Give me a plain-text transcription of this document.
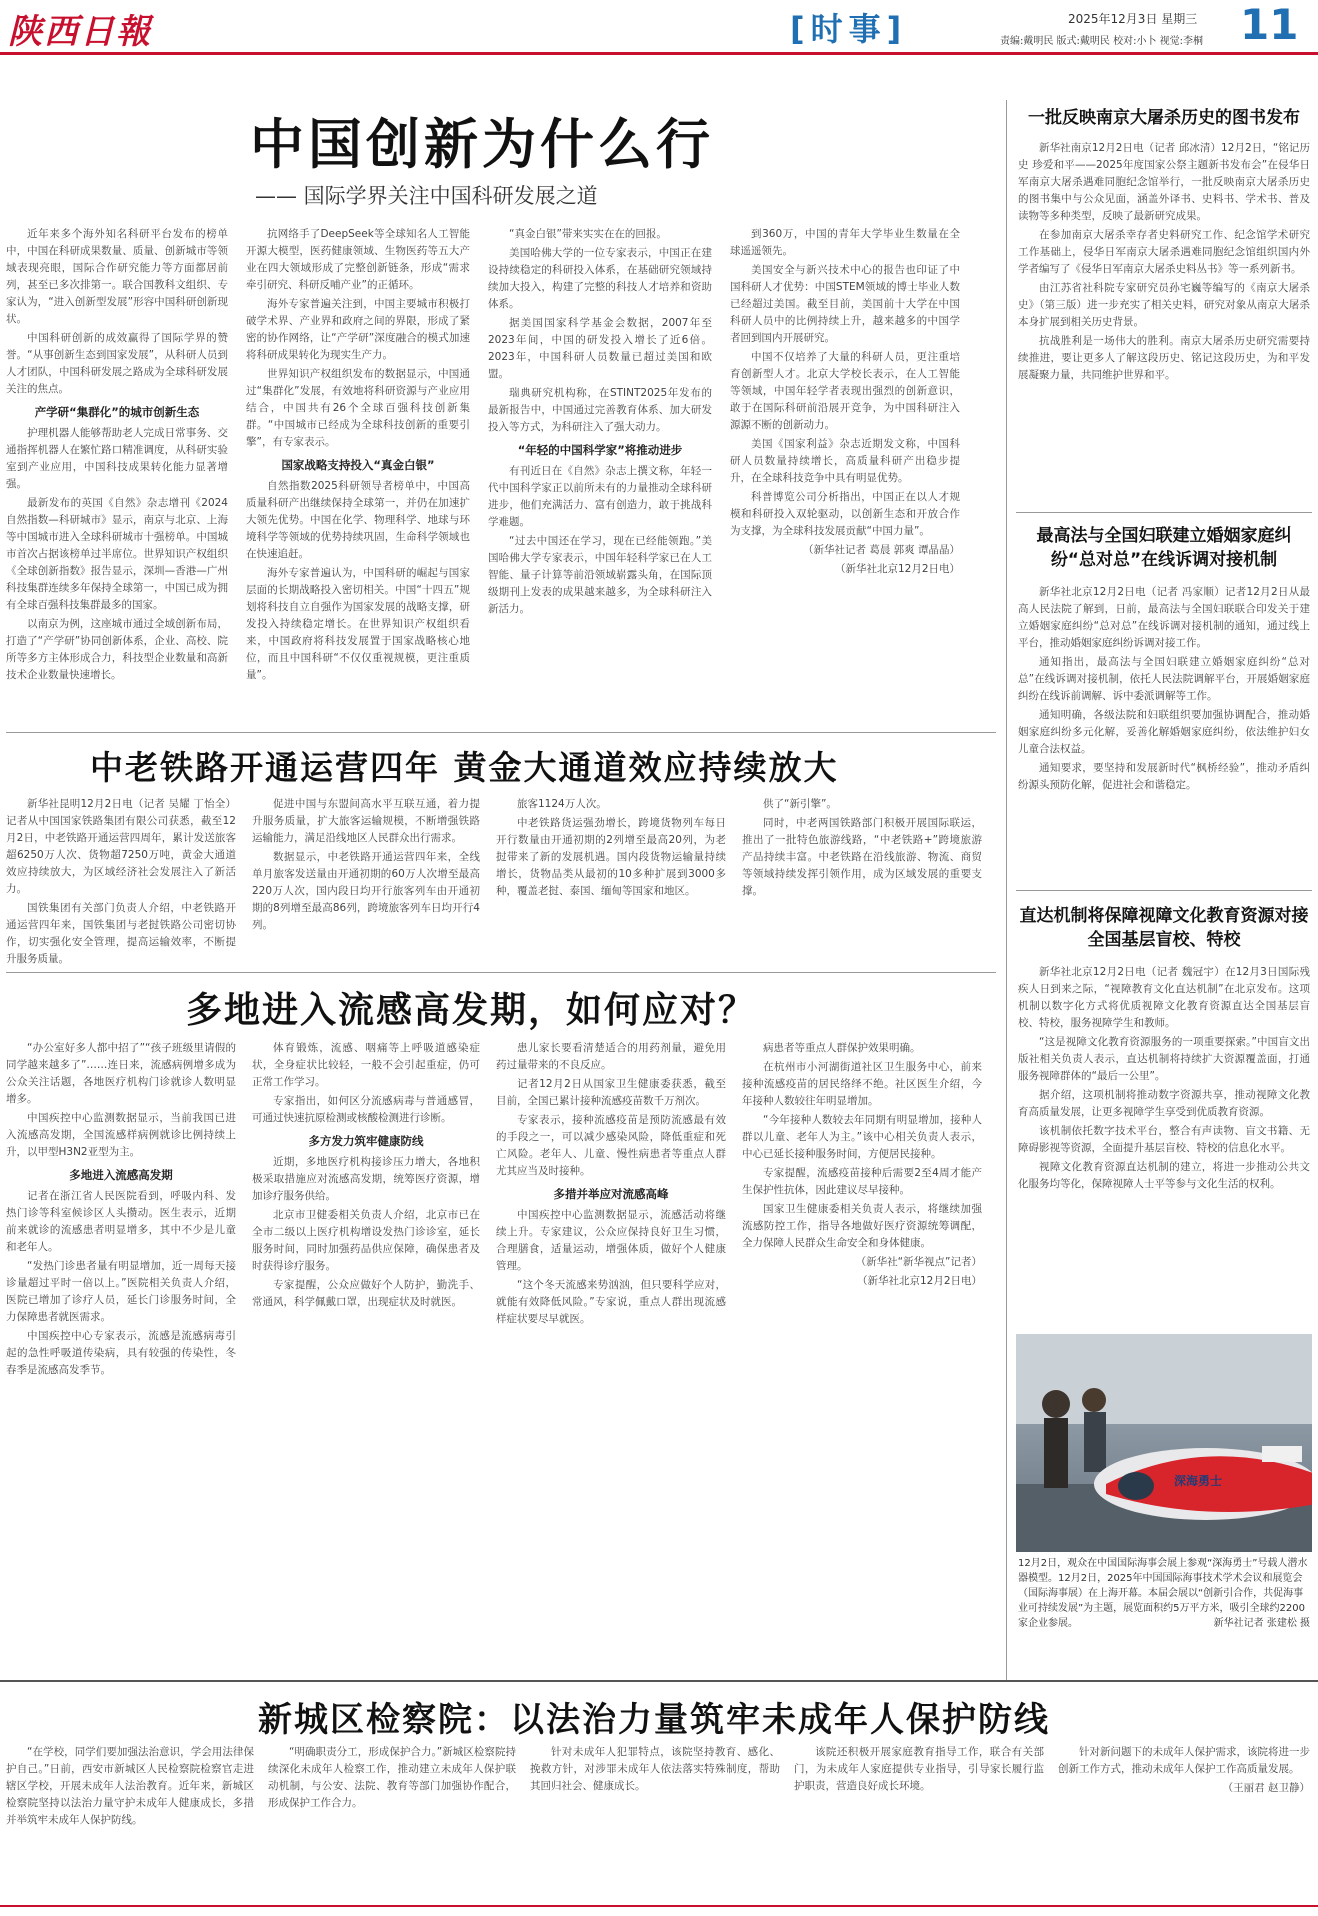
陕西日報	[时事]	2025年12月3日 星期三
责编:戴明民 版式:戴明民 校对:小卜 视觉:李桐 11
中国创新为什么行
—— 国际学界关注中国科研发展之道

近年来多个海外知名科研平台发布的榜单中，中国在科研成果数量、质量、创新城市等领域表现亮眼，国际合作研究能力等方面都居前列，甚至已多次排第一。联合国教科文组织、专家认为，“进入创新型发展”形容中国科研创新现状。

中国科研创新的成效赢得了国际学界的赞誉。“从事创新生态到国家发展”，从科研人员到人才团队，中国科研发展之路成为全球科研发展关注的焦点。

产学研“集群化”的城市创新生态

护理机器人能够帮助老人完成日常事务、交通指挥机器人在繁忙路口精准调度，从科研实验室到产业应用，中国科技成果转化能力显著增强。

最新发布的英国《自然》杂志增刊《2024自然指数—科研城市》显示，南京与北京、上海等中国城市进入全球科研城市十强榜单。中国城市首次占据该榜单过半席位。世界知识产权组织《全球创新指数》报告显示，深圳—香港—广州科技集群连续多年保持全球第一，中国已成为拥有全球百强科技集群最多的国家。

以南京为例，这座城市通过全域创新布局，打造了“产学研”协同创新体系，企业、高校、院所等多方主体形成合力，科技型企业数量和高新技术企业数量快速增长。

抗网络手了DeepSeek等全球知名人工智能开源大模型，医药健康领域、生物医药等五大产业在四大领域形成了完整创新链条，形成“需求牵引研究、科研反哺产业”的正循环。

海外专家普遍关注到，中国主要城市积极打破学术界、产业界和政府之间的界限，形成了紧密的协作网络，让“产学研”深度融合的模式加速将科研成果转化为现实生产力。

世界知识产权组织发布的数据显示，中国通过“集群化”发展，有效地将科研资源与产业应用结合，中国共有26个全球百强科技创新集群。“中国城市已经成为全球科技创新的重要引擎”，有专家表示。

国家战略支持投入“真金白银”

自然指数2025科研领导者榜单中，中国高质量科研产出继续保持全球第一，并仍在加速扩大领先优势。中国在化学、物理科学、地球与环境科学等领域的优势持续巩固，生命科学领域也在快速追赶。

海外专家普遍认为，中国科研的崛起与国家层面的长期战略投入密切相关。中国“十四五”规划将科技自立自强作为国家发展的战略支撑，研发投入持续稳定增长。在世界知识产权组织看来，中国政府将科技发展置于国家战略核心地位，而且中国科研“不仅仅重视规模，更注重质量”。

“真金白银”带来实实在在的回报。

美国哈佛大学的一位专家表示，中国正在建设持续稳定的科研投入体系，在基础研究领域持续加大投入，构建了完整的科技人才培养和资助体系。

据美国国家科学基金会数据，2007年至2023年间，中国的研发投入增长了近6倍。2023年，中国科研人员数量已超过美国和欧盟。

瑞典研究机构称，在STINT2025年发布的最新报告中，中国通过完善教育体系、加大研发投入等方式，为科研注入了强大动力。

“年轻的中国科学家”将推动进步

有刊近日在《自然》杂志上撰文称，年轻一代中国科学家正以前所未有的力量推动全球科研进步，他们充满活力、富有创造力，敢于挑战科学难题。

“过去中国还在学习，现在已经能领跑。”美国哈佛大学专家表示，中国年轻科学家已在人工智能、量子计算等前沿领域崭露头角，在国际顶级期刊上发表的成果越来越多，为全球科研注入新活力。

到360万，中国的青年大学毕业生数量在全球遥遥领先。

美国安全与新兴技术中心的报告也印证了中国科研人才优势：中国STEM领域的博士毕业人数已经超过美国。截至目前，美国前十大学在中国科研人员中的比例持续上升，越来越多的中国学者回到国内开展研究。

中国不仅培养了大量的科研人员，更注重培育创新型人才。北京大学校长表示，在人工智能等领域，中国年轻学者表现出强烈的创新意识，敢于在国际科研前沿展开竞争，为中国科研注入源源不断的创新动力。

美国《国家利益》杂志近期发文称，中国科研人员数量持续增长，高质量科研产出稳步提升，在全球科技竞争中具有明显优势。

科普博览公司分析指出，中国正在以人才规模和科研投入双轮驱动，以创新生态和开放合作为支撑，为全球科技发展贡献“中国力量”。

（新华社记者 葛晨 郭爽 谭晶晶）

（新华社北京12月2日电）

一批反映南京大屠杀历史的图书发布

新华社南京12月2日电（记者 邱冰清）12月2日，“铭记历史 珍爱和平——2025年度国家公祭主题新书发布会”在侵华日军南京大屠杀遇难同胞纪念馆举行，一批反映南京大屠杀历史的图书集中与公众见面，涵盖外译书、史料书、学术书、普及读物等多种类型，反映了最新研究成果。

在参加南京大屠杀幸存者史料研究工作、纪念馆学术研究工作基础上，侵华日军南京大屠杀遇难同胞纪念馆组织国内外学者编写了《侵华日军南京大屠杀史料丛书》等一系列新书。

由江苏省社科院专家研究员孙宅巍等编写的《南京大屠杀史》（第三版）进一步充实了相关史料，研究对象从南京大屠杀本身扩展到相关历史背景。

抗战胜利是一场伟大的胜利。南京大屠杀历史研究需要持续推进，要让更多人了解这段历史、铭记这段历史，为和平发展凝聚力量，共同维护世界和平。

最高法与全国妇联建立婚姻家庭纠纷“总对总”在线诉调对接机制

新华社北京12月2日电（记者 冯家顺）记者12月2日从最高人民法院了解到，日前，最高法与全国妇联联合印发关于建立婚姻家庭纠纷“总对总”在线诉调对接机制的通知，通过线上平台，推动婚姻家庭纠纷诉调对接工作。

通知指出，最高法与全国妇联建立婚姻家庭纠纷“总对总”在线诉调对接机制，依托人民法院调解平台，开展婚姻家庭纠纷在线诉前调解、诉中委派调解等工作。

通知明确，各级法院和妇联组织要加强协调配合，推动婚姻家庭纠纷多元化解，妥善化解婚姻家庭纠纷，依法维护妇女儿童合法权益。

通知要求，要坚持和发展新时代“枫桥经验”，推动矛盾纠纷源头预防化解，促进社会和谐稳定。

直达机制将保障视障文化教育资源对接全国基层盲校、特校

新华社北京12月2日电（记者 魏冠宇）在12月3日国际残疾人日到来之际，“视障教育文化直达机制”在北京发布。这项机制以数字化方式将优质视障文化教育资源直达全国基层盲校、特校，服务视障学生和教师。

“这是视障文化教育资源服务的一项重要探索。”中国盲文出版社相关负责人表示，直达机制将持续扩大资源覆盖面，打通服务视障群体的“最后一公里”。

据介绍，这项机制将推动数字资源共享，推动视障文化教育高质量发展，让更多视障学生享受到优质教育资源。

该机制依托数字技术平台，整合有声读物、盲文书籍、无障碍影视等资源，全面提升基层盲校、特校的信息化水平。

视障文化教育资源直达机制的建立，将进一步推动公共文化服务均等化，保障视障人士平等参与文化生活的权利。

深海勇士
12月2日，观众在中国国际海事会展上参观“深海勇士”号载人潜水器模型。12月2日，2025年中国国际海事技术学术会议和展览会（国际海事展）在上海开幕。本届会展以“创新引合作，共促海事业可持续发展”为主题，展览面积约5万平方米，吸引全球约2200家企业参展。	新华社记者 张建松 摄
中老铁路开通运营四年 黄金大通道效应持续放大

新华社昆明12月2日电（记者 吴耀 丁怡全）记者从中国国家铁路集团有限公司获悉，截至12月2日，中老铁路开通运营四周年，累计发送旅客超6250万人次、货物超7250万吨，黄金大通道效应持续放大，为区域经济社会发展注入了新活力。

国铁集团有关部门负责人介绍，中老铁路开通运营四年来，国铁集团与老挝铁路公司密切协作，切实强化安全管理，提高运输效率，不断提升服务质量。

促进中国与东盟间高水平互联互通，着力提升服务质量，扩大旅客运输规模，不断增强铁路运输能力，满足沿线地区人民群众出行需求。

数据显示，中老铁路开通运营四年来，全线单月旅客发送量由开通初期的60万人次增至最高220万人次，国内段日均开行旅客列车由开通初期的8列增至最高86列，跨境旅客列车日均开行4列。

旅客1124万人次。

中老铁路货运强劲增长，跨境货物列车每日开行数量由开通初期的2列增至最高20列，为老挝带来了新的发展机遇。国内段货物运输量持续增长，货物品类从最初的10多种扩展到3000多种，覆盖老挝、泰国、缅甸等国家和地区。

供了“新引擎”。

同时，中老两国铁路部门积极开展国际联运，推出了一批特色旅游线路，“中老铁路+”跨境旅游产品持续丰富。中老铁路在沿线旅游、物流、商贸等领域持续发挥引领作用，成为区域发展的重要支撑。

多地进入流感高发期，如何应对？

“办公室好多人都中招了”“孩子班级里请假的同学越来越多了”……连日来，流感病例增多成为公众关注话题，各地医疗机构门诊就诊人数明显增多。

中国疾控中心监测数据显示，当前我国已进入流感高发期，全国流感样病例就诊比例持续上升，以甲型H3N2亚型为主。

多地进入流感高发期

记者在浙江省人民医院看到，呼吸内科、发热门诊等科室候诊区人头攒动。医生表示，近期前来就诊的流感患者明显增多，其中不少是儿童和老年人。

“发热门诊患者量有明显增加，近一周每天接诊量超过平时一倍以上。”医院相关负责人介绍，医院已增加了诊疗人员，延长门诊服务时间，全力保障患者就医需求。

中国疾控中心专家表示，流感是流感病毒引起的急性呼吸道传染病，具有较强的传染性，冬春季是流感高发季节。

体育锻炼，流感、咽痛等上呼吸道感染症状，全身症状比较轻，一般不会引起重症，仍可正常工作学习。

专家指出，如何区分流感病毒与普通感冒，可通过快速抗原检测或核酸检测进行诊断。

多方发力筑牢健康防线

近期，多地医疗机构接诊压力增大，各地积极采取措施应对流感高发期，统筹医疗资源，增加诊疗服务供给。

北京市卫健委相关负责人介绍，北京市已在全市二级以上医疗机构增设发热门诊诊室，延长服务时间，同时加强药品供应保障，确保患者及时获得诊疗服务。

专家提醒，公众应做好个人防护，勤洗手、常通风，科学佩戴口罩，出现症状及时就医。

患儿家长要看清楚适合的用药剂量，避免用药过量带来的不良反应。

记者12月2日从国家卫生健康委获悉，截至目前，全国已累计接种流感疫苗数千万剂次。

专家表示，接种流感疫苗是预防流感最有效的手段之一，可以减少感染风险，降低重症和死亡风险。老年人、儿童、慢性病患者等重点人群尤其应当及时接种。

多措并举应对流感高峰

中国疾控中心监测数据显示，流感活动将继续上升。专家建议，公众应保持良好卫生习惯，合理膳食，适量运动，增强体质，做好个人健康管理。

“这个冬天流感来势汹汹，但只要科学应对，就能有效降低风险。”专家说，重点人群出现流感样症状要尽早就医。

病患者等重点人群保护效果明确。

在杭州市小河湖街道社区卫生服务中心，前来接种流感疫苗的居民络绎不绝。社区医生介绍，今年接种人数较往年明显增加。

“今年接种人数较去年同期有明显增加，接种人群以儿童、老年人为主。”该中心相关负责人表示，中心已延长接种服务时间，方便居民接种。

专家提醒，流感疫苗接种后需要2至4周才能产生保护性抗体，因此建议尽早接种。

国家卫生健康委相关负责人表示，将继续加强流感防控工作，指导各地做好医疗资源统筹调配，全力保障人民群众生命安全和身体健康。

（新华社“新华视点”记者）

（新华社北京12月2日电）

新城区检察院：以法治力量筑牢未成年人保护防线

“在学校，同学们要加强法治意识，学会用法律保护自己。”日前，西安市新城区人民检察院检察官走进辖区学校，开展未成年人法治教育。近年来，新城区检察院坚持以法治力量守护未成年人健康成长，多措并举筑牢未成年人保护防线。

“明确职责分工，形成保护合力。”新城区检察院持续深化未成年人检察工作，推动建立未成年人保护联动机制，与公安、法院、教育等部门加强协作配合，形成保护工作合力。

针对未成年人犯罪特点，该院坚持教育、感化、挽救方针，对涉罪未成年人依法落实特殊制度，帮助其回归社会、健康成长。

该院还积极开展家庭教育指导工作，联合有关部门，为未成年人家庭提供专业指导，引导家长履行监护职责，营造良好成长环境。

针对新问题下的未成年人保护需求，该院将进一步创新工作方式，推动未成年人保护工作高质量发展。

（王丽君 赵卫静）
